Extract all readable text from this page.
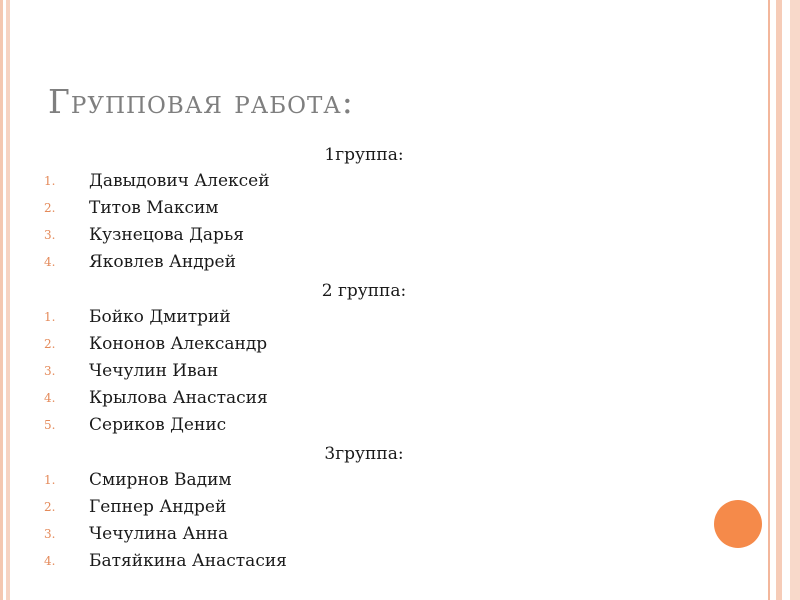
Групповая работа:
1группа:
1. Давыдович Алексей
2. Титов Максим
3. Кузнецова Дарья
4. Яковлев Андрей
2 группа:
1. Бойко Дмитрий
2. Кононов Александр
3. Чечулин Иван
4. Крылова Анастасия
5. Сериков Денис
3группа:
1. Смирнов Вадим
2. Гепнер Андрей
3. Чечулина Анна
4. Батяйкина Анастасия
